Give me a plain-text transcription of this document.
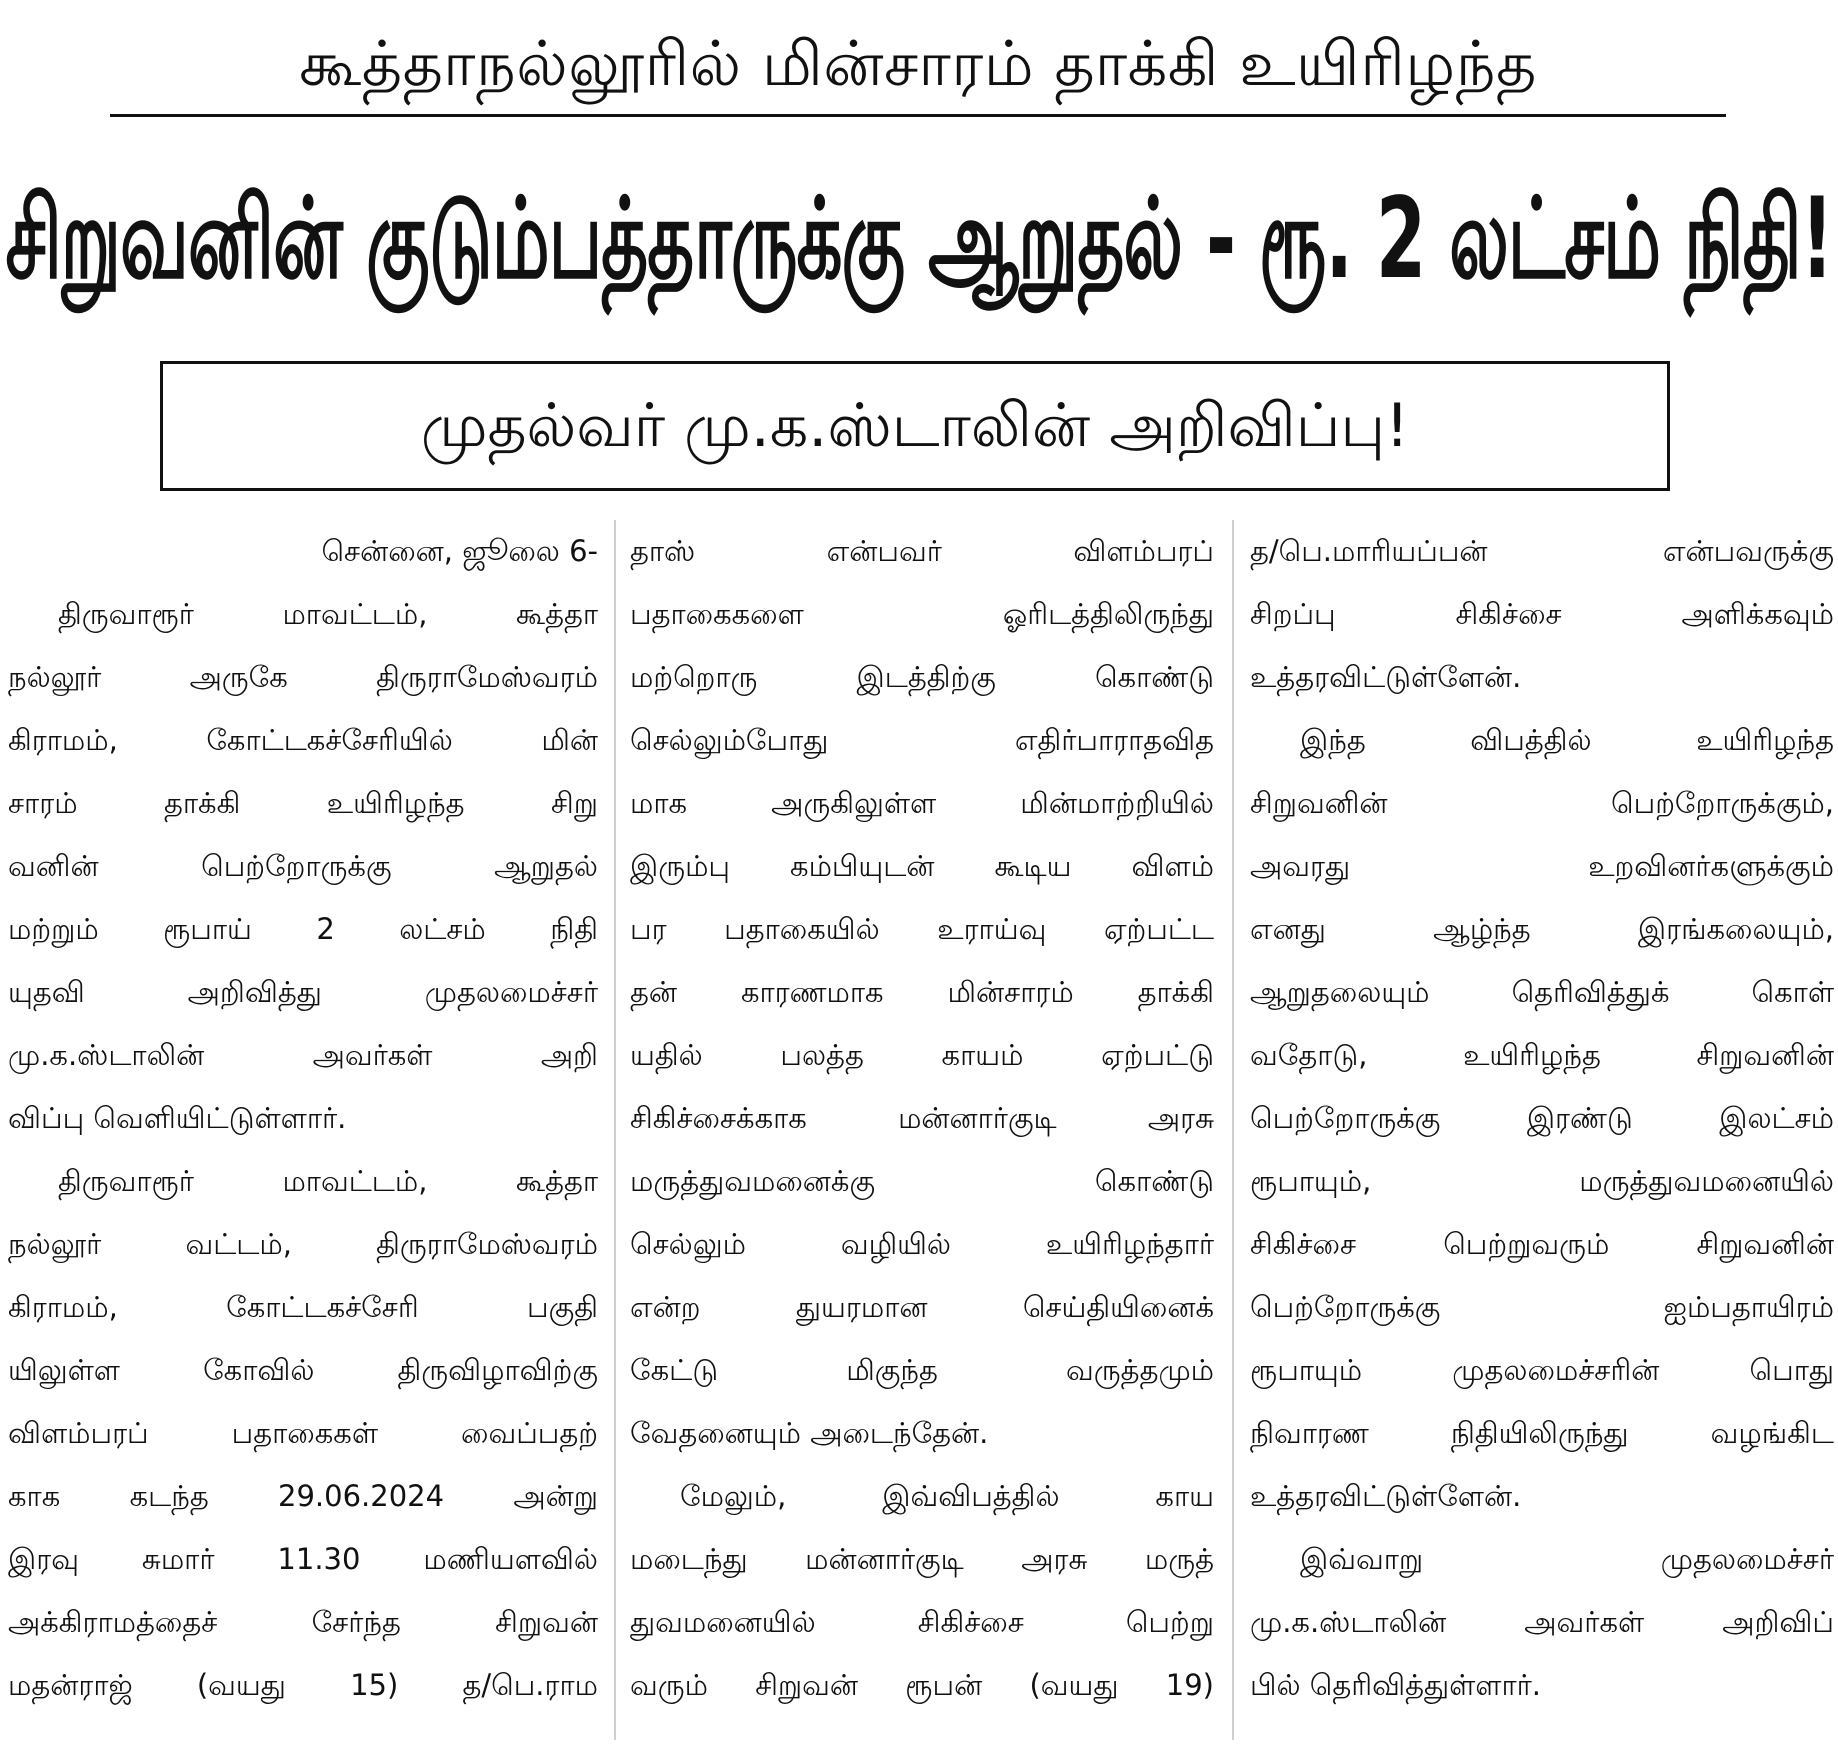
கூத்தாநல்லூரில் மின்சாரம் தாக்கி உயிரிழந்த
சிறுவனின் குடும்பத்தாருக்கு ஆறுதல் - ரூ. 2 லட்சம் நிதி!
முதல்வர் மு.க.ஸ்டாலின் அறிவிப்பு!

சென்னை, ஜூலை 6-

திருவாரூர் மாவட்டம், கூத்தா

நல்லூர் அருகே திருராமேஸ்வரம்

கிராமம், கோட்டகச்சேரியில் மின்

சாரம் தாக்கி உயிரிழந்த சிறு

வனின் பெற்றோருக்கு ஆறுதல்

மற்றும் ரூபாய் 2 லட்சம் நிதி

யுதவி அறிவித்து முதலமைச்சர்

மு.க.ஸ்டாலின் அவர்கள் அறி

விப்பு வெளியிட்டுள்ளார்.

திருவாரூர் மாவட்டம், கூத்தா

நல்லூர் வட்டம், திருராமேஸ்வரம்

கிராமம், கோட்டகச்சேரி பகுதி

யிலுள்ள கோவில் திருவிழாவிற்கு

விளம்பரப் பதாகைகள் வைப்பதற்

காக கடந்த 29.06.2024 அன்று

இரவு சுமார் 11.30 மணியளவில்

அக்கிராமத்தைச் சேர்ந்த சிறுவன்

மதன்ராஜ் (வயது 15) த/பெ.ராம

தாஸ் என்பவர் விளம்பரப்

பதாகைகளை ஓரிடத்திலிருந்து

மற்றொரு இடத்திற்கு கொண்டு

செல்லும்போது எதிர்பாராதவித

மாக அருகிலுள்ள மின்மாற்றியில்

இரும்பு கம்பியுடன் கூடிய விளம்

பர பதாகையில் உராய்வு ஏற்பட்ட

தன் காரணமாக மின்சாரம் தாக்கி

யதில் பலத்த காயம் ஏற்பட்டு

சிகிச்சைக்காக மன்னார்குடி அரசு

மருத்துவமனைக்கு கொண்டு

செல்லும் வழியில் உயிரிழந்தார்

என்ற துயரமான செய்தியினைக்

கேட்டு மிகுந்த வருத்தமும்

வேதனையும் அடைந்தேன்.

மேலும், இவ்விபத்தில் காய

மடைந்து மன்னார்குடி அரசு மருத்

துவமனையில் சிகிச்சை பெற்று

வரும் சிறுவன் ரூபன் (வயது 19)

த/பெ.மாரியப்பன் என்பவருக்கு

சிறப்பு சிகிச்சை அளிக்கவும்

உத்தரவிட்டுள்ளேன்.

இந்த விபத்தில் உயிரிழந்த

சிறுவனின் பெற்றோருக்கும்,

அவரது உறவினர்களுக்கும்

எனது ஆழ்ந்த இரங்கலையும்,

ஆறுதலையும் தெரிவித்துக் கொள்

வதோடு, உயிரிழந்த சிறுவனின்

பெற்றோருக்கு இரண்டு இலட்சம்

ரூபாயும், மருத்துவமனையில்

சிகிச்சை பெற்றுவரும் சிறுவனின்

பெற்றோருக்கு ஐம்பதாயிரம்

ரூபாயும் முதலமைச்சரின் பொது

நிவாரண நிதியிலிருந்து வழங்கிட

உத்தரவிட்டுள்ளேன்.

இவ்வாறு முதலமைச்சர்

மு.க.ஸ்டாலின் அவர்கள் அறிவிப்

பில் தெரிவித்துள்ளார்.
